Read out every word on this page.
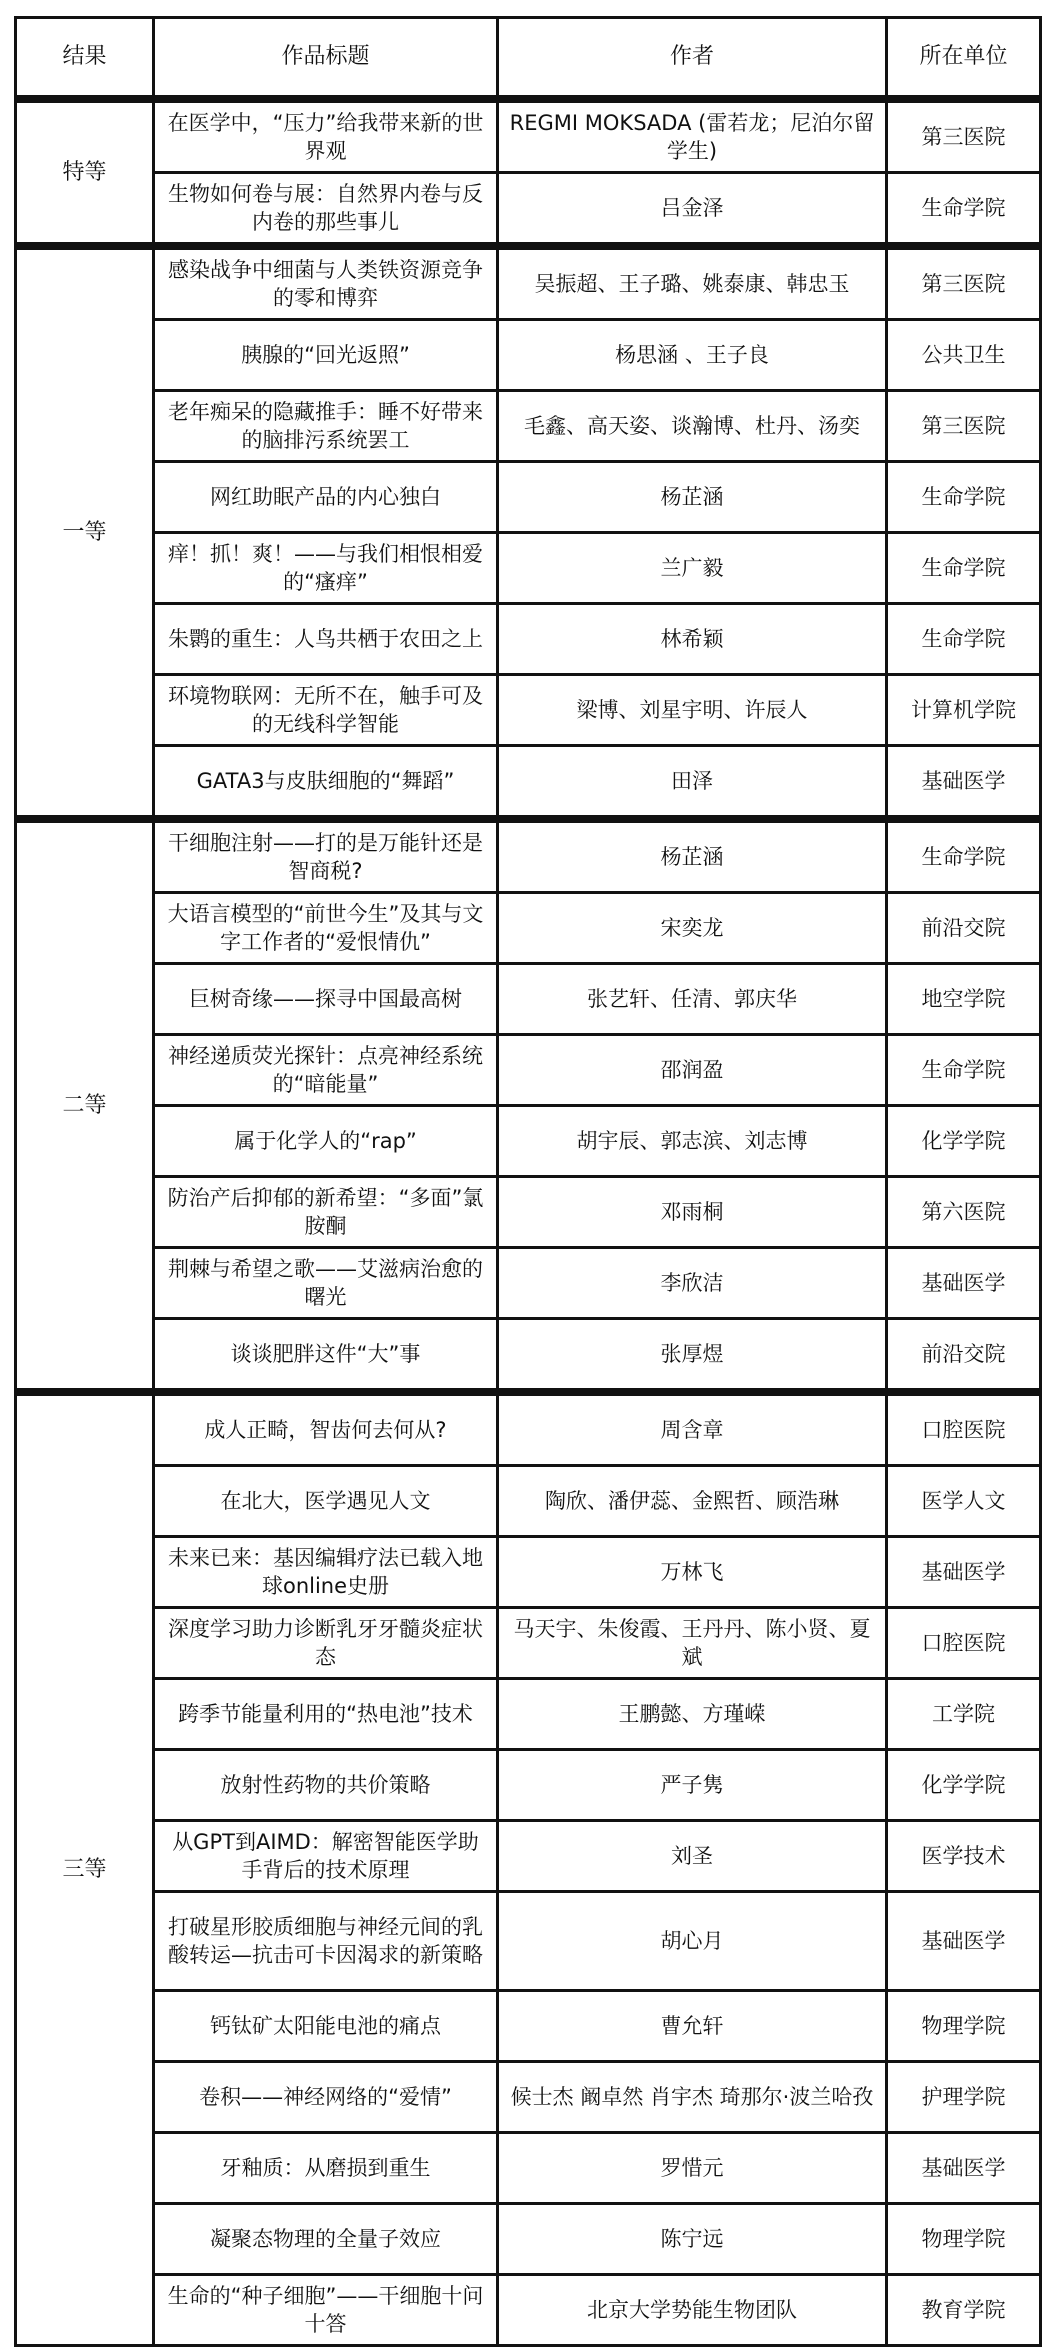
结果	作品标题	作者	所在单位
特等	在医学中，“压力”给我带来新的世界观	REGMI MOKSADA (雷若龙；尼泊尔留学生)	第三医院

	生物如何卷与展：自然界内卷与反内卷的那些事儿	吕金泽	生命学院

一等	感染战争中细菌与人类铁资源竞争的零和博弈	吴振超、王子璐、姚泰康、韩忠玉	第三医院

	胰腺的“回光返照”	杨思涵 、王子良	公共卫生

	老年痴呆的隐藏推手：睡不好带来的脑排污系统罢工	毛鑫、高天姿、谈瀚博、杜丹、汤奕	第三医院

	网红助眠产品的内心独白	杨芷涵	生命学院

	痒！抓！爽！——与我们相恨相爱的“瘙痒”	兰广毅	生命学院

	朱鹮的重生：人鸟共栖于农田之上	林希颖	生命学院

	环境物联网：无所不在，触手可及的无线科学智能	梁博、刘星宇明、许辰人	计算机学院

	GATA3与皮肤细胞的“舞蹈”	田泽	基础医学

二等	干细胞注射——打的是万能针还是智商税?	杨芷涵	生命学院

	大语言模型的“前世今生”及其与文字工作者的“爱恨情仇”	宋奕龙	前沿交院

	巨树奇缘——探寻中国最高树	张艺轩、任清、郭庆华	地空学院

	神经递质荧光探针：点亮神经系统的“暗能量”	邵润盈	生命学院

	属于化学人的“rap”	胡宇辰、郭志滨、刘志博	化学学院

	防治产后抑郁的新希望：“多面”氯胺酮	邓雨桐	第六医院

	荆棘与希望之歌——艾滋病治愈的曙光	李欣洁	基础医学

	谈谈肥胖这件“大”事	张厚煜	前沿交院

三等	成人正畸，智齿何去何从?	周含章	口腔医院

	在北大，医学遇见人文	陶欣、潘伊蕊、金熙哲、顾浩琳	医学人文

	未来已来：基因编辑疗法已载入地球online史册	万林飞	基础医学

	深度学习助力诊断乳牙牙髓炎症状态	马天宇、朱俊霞、王丹丹、陈小贤、夏斌	口腔医院

	跨季节能量利用的“热电池”技术	王鹏懿、方瑾嵘	工学院

	放射性药物的共价策略	严子隽	化学学院

	从GPT到AIMD：解密智能医学助手背后的技术原理	刘圣	医学技术

	打破星形胶质细胞与神经元间的乳酸转运—抗击可卡因渴求的新策略	胡心月	基础医学

	钙钛矿太阳能电池的痛点	曹允轩	物理学院

	卷积——神经网络的“爱情”	候士杰 阚卓然 肖宇杰 琦那尔·波兰哈孜	护理学院

	牙釉质：从磨损到重生	罗惜元	基础医学

	凝聚态物理的全量子效应	陈宁远	物理学院

	生命的“种子细胞”——干细胞十问十答	北京大学势能生物团队	教育学院
